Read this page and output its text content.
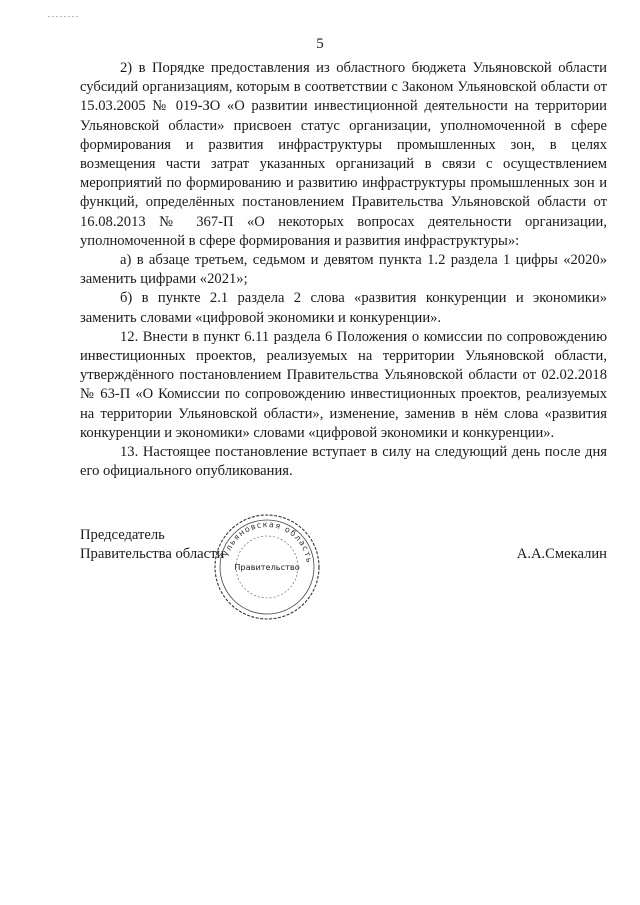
5

2) в Порядке предоставления из областного бюджета Ульяновской области субсидий организациям, которым в соответствии с Законом Ульяновской области от 15.03.2005 № 019-ЗО «О развитии инвестиционной деятельности на территории Ульяновской области» присвоен статус организации, уполномоченной в сфере формирования и развития инфраструктуры промышленных зон, в целях возмещения части затрат указанных организаций в связи с осуществлением мероприятий по формированию и развитию инфраструктуры промышленных зон и функций, определённых постановлением Правительства Ульяновской области от 16.08.2013 № 367-П «О некоторых вопросах деятельности организации, уполномоченной в сфере формирования и развития инфраструктуры»:

а) в абзаце третьем, седьмом и девятом пункта 1.2 раздела 1 цифры «2020» заменить цифрами «2021»;

б) в пункте 2.1 раздела 2 слова «развития конкуренции и экономики» заменить словами «цифровой экономики и конкуренции».

12. Внести в пункт 6.11 раздела 6 Положения о комиссии по сопровождению инвестиционных проектов, реализуемых на территории Ульяновской области, утверждённого постановлением Правительства Ульяновской области от 02.02.2018 № 63-П «О Комиссии по сопровождению инвестиционных проектов, реализуемых на территории Ульяновской области», изменение, заменив в нём слова «развития конкуренции и экономики» словами «цифровой экономики и конкуренции».

13. Настоящее постановление вступает в силу на следующий день после дня его официального опубликования.

Председатель
Правительства области	А.А.Смекалин
Ульяновская область
Правительство
